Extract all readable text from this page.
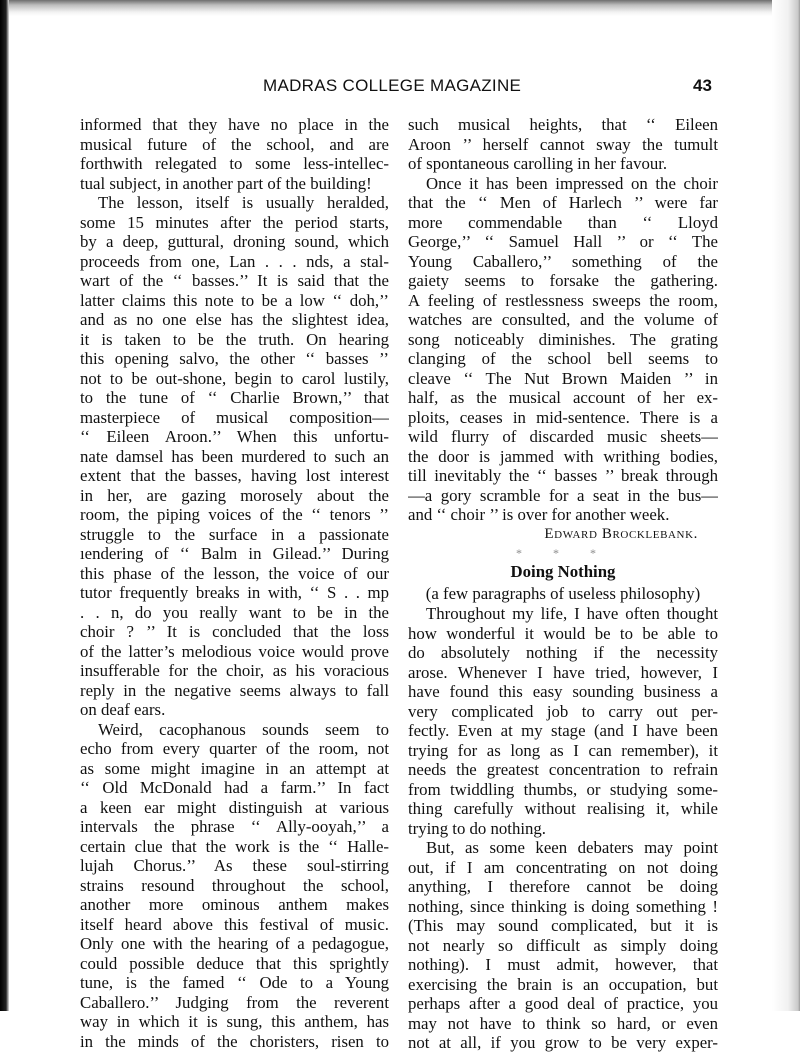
MADRAS COLLEGE MAGAZINE	43
informed that they have no place in the
musical future of the school, and are
forthwith relegated to some less-intellec-
tual subject, in another part of the building!
The lesson, itself is usually heralded,
some 15 minutes after the period starts,
by a deep, guttural, droning sound, which
proceeds from one, Lan . . . nds, a stal-
wart of the ‘‘ basses.’’ It is said that the
latter claims this note to be a low ‘‘ doh,’’
and as no one else has the slightest idea,
it is taken to be the truth. On hearing
this opening salvo, the other ‘‘ basses ’’
not to be out-shone, begin to carol lustily,
to the tune of ‘‘ Charlie Brown,’’ that
masterpiece of musical composition—
‘‘ Eileen Aroon.’’ When this unfortu-
nate damsel has been murdered to such an
extent that the basses, having lost interest
in her, are gazing morosely about the
room, the piping voices of the ‘‘ tenors ’’
struggle to the surface in a passionate
ıendering of ‘‘ Balm in Gilead.’’ During
this phase of the lesson, the voice of our
tutor frequently breaks in with, ‘‘ S . . mp
. . n, do you really want to be in the
choir ? ’’ It is concluded that the loss
of the latter’s melodious voice would prove
insufferable for the choir, as his voracious
reply in the negative seems always to fall
on deaf ears.
Weird, cacophanous sounds seem to
echo from every quarter of the room, not
as some might imagine in an attempt at
‘‘ Old McDonald had a farm.’’ In fact
a keen ear might distinguish at various
intervals the phrase ‘‘ Ally-ooyah,’’ a
certain clue that the work is the ‘‘ Halle-
lujah Chorus.’’ As these soul-stirring
strains resound throughout the school,
another more ominous anthem makes
itself heard above this festival of music.
Only one with the hearing of a pedagogue,
could possible deduce that this sprightly
tune, is the famed ‘‘ Ode to a Young
Caballero.’’ Judging from the reverent
way in which it is sung, this anthem, has
in the minds of the choristers, risen to
such musical heights, that ‘‘ Eileen
Aroon ’’ herself cannot sway the tumult
of spontaneous carolling in her favour.
Once it has been impressed on the choir
that the ‘‘ Men of Harlech ’’ were far
more commendable than ‘‘ Lloyd
George,’’ ‘‘ Samuel Hall ’’ or ‘‘ The
Young Caballero,’’ something of the
gaiety seems to forsake the gathering.
A feeling of restlessness sweeps the room,
watches are consulted, and the volume of
song noticeably diminishes. The grating
clanging of the school bell seems to
cleave ‘‘ The Nut Brown Maiden ’’ in
half, as the musical account of her ex-
ploits, ceases in mid-sentence. There is a
wild flurry of discarded music sheets—
the door is jammed with writhing bodies,
till inevitably the ‘‘ basses ’’ break through
—a gory scramble for a seat in the bus—
and ‘‘ choir ’’ is over for another week.
Edward Brocklebank.
* * *
Doing Nothing
(a few paragraphs of useless philosophy)
Throughout my life, I have often thought
how wonderful it would be to be able to
do absolutely nothing if the necessity
arose. Whenever I have tried, however, I
have found this easy sounding business a
very complicated job to carry out per-
fectly. Even at my stage (and I have been
trying for as long as I can remember), it
needs the greatest concentration to refrain
from twiddling thumbs, or studying some-
thing carefully without realising it, while
trying to do nothing.
But, as some keen debaters may point
out, if I am concentrating on not doing
anything, I therefore cannot be doing
nothing, since thinking is doing something !
(This may sound complicated, but it is
not nearly so difficult as simply doing
nothing). I must admit, however, that
exercising the brain is an occupation, but
perhaps after a good deal of practice, you
may not have to think so hard, or even
not at all, if you grow to be very exper-
